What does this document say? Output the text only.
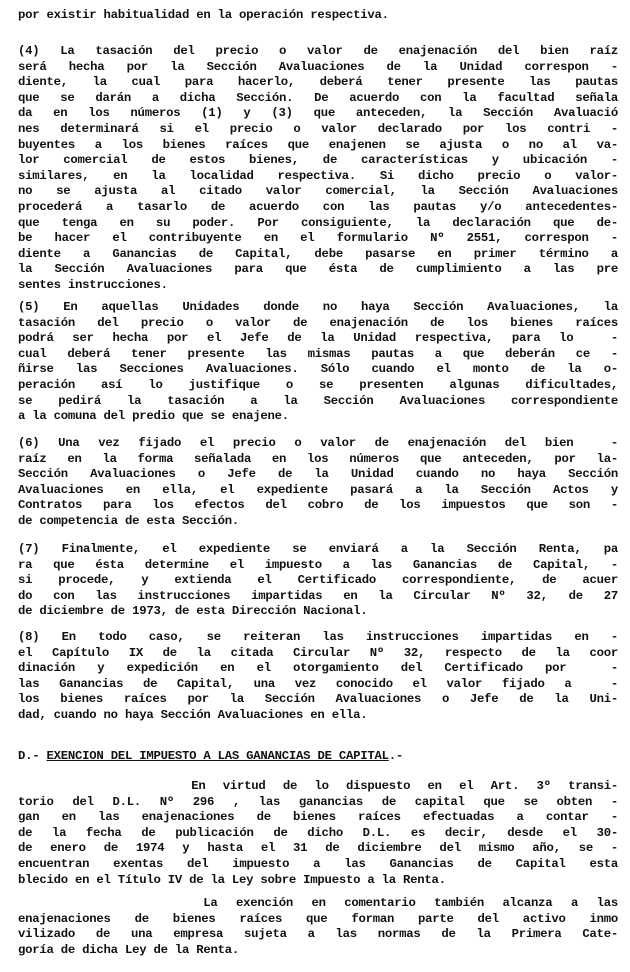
por existir habitualidad en la operación respectiva.
(4) La tasación del precio o valor de enajenación del bien raíz
será hecha por la Sección Avaluaciones de la Unidad correspon -
diente, la cual para hacerlo, deberá tener presente las pautas
que se darán a dicha Sección. De acuerdo con la facultad señala
da en los números (1) y (3) que anteceden, la Sección Avaluació
nes determinará si el precio o valor declarado por los contri -
buyentes a los bienes raíces que enajenen se ajusta o no al va-
lor comercial de estos bienes, de características y ubicación -
similares, en la localidad respectiva. Si dicho precio o valor-
no se ajusta al citado valor comercial, la Sección Avaluaciones
procederá a tasarlo de acuerdo con las pautas y/o antecedentes-
que tenga en su poder. Por consiguiente, la declaración que de-
be hacer el contribuyente en el formulario Nº 2551, correspon -
diente a Ganancias de Capital, debe pasarse en primer término a
la Sección Avaluaciones para que ésta de cumplimiento a las pre
sentes instrucciones.
(5) En aquellas Unidades donde no haya Sección Avaluaciones, la
tasación del precio o valor de enajenación de los bienes raíces
podrá ser hecha por el Jefe de la Unidad respectiva, para lo  -
cual deberá tener presente las mismas pautas a que deberán ce -
ñirse las Secciones Avaluaciones. Sólo cuando el monto de la o-
peración así lo justifique o se presenten algunas dificultades,
se pedirá la tasación a la Sección Avaluaciones correspondiente
a la comuna del predio que se enajene.
(6) Una vez fijado el precio o valor de enajenación del bien  -
raíz en la forma señalada en los números que anteceden, por la-
Sección Avaluaciones o Jefe de la Unidad cuando no haya Sección
Avaluaciones en ella, el expediente pasará a la Sección Actos y
Contratos para los efectos del cobro de los impuestos que son -
de competencia de esta Sección.
(7) Finalmente, el expediente se enviará a la Sección Renta, pa
ra que ésta determine el impuesto a las Ganancias de Capital, -
si procede, y extienda el Certificado correspondiente, de acuer
do con las instrucciones impartidas en la Circular Nº 32, de 27
de diciembre de 1973, de esta Dirección Nacional.
(8) En todo caso, se reiteran las instrucciones impartidas en -
el Capítulo IX de la citada Circular Nº 32, respecto de la coor
dinación y expedición en el otorgamiento del Certificado por  -
las Ganancias de Capital, una vez conocido el valor fijado a  -
los bienes raíces por la Sección Avaluaciones o Jefe de la Uni-
dad, cuando no haya Sección Avaluaciones en ella.
D.- EXENCION DEL IMPUESTO A LAS GANANCIAS DE CAPITAL.-
En virtud de lo dispuesto en el Art. 3º transi-
torio del D.L. Nº 296 , las ganancias de capital que se obten -
gan en las enajenaciones de bienes raíces efectuadas a contar -
de la fecha de publicación de dicho D.L. es decir, desde el 30-
de enero de 1974 y hasta el 31 de diciembre del mismo año, se -
encuentran exentas del impuesto a las Ganancias de Capital esta
blecido en el Título IV de la Ley sobre Impuesto a la Renta.
La exención en comentario también alcanza a las
enajenaciones de bienes raíces que forman parte del activo inmo
vilizado de una empresa sujeta a las normas de la Primera Cate-
goría de dicha Ley de la Renta.
